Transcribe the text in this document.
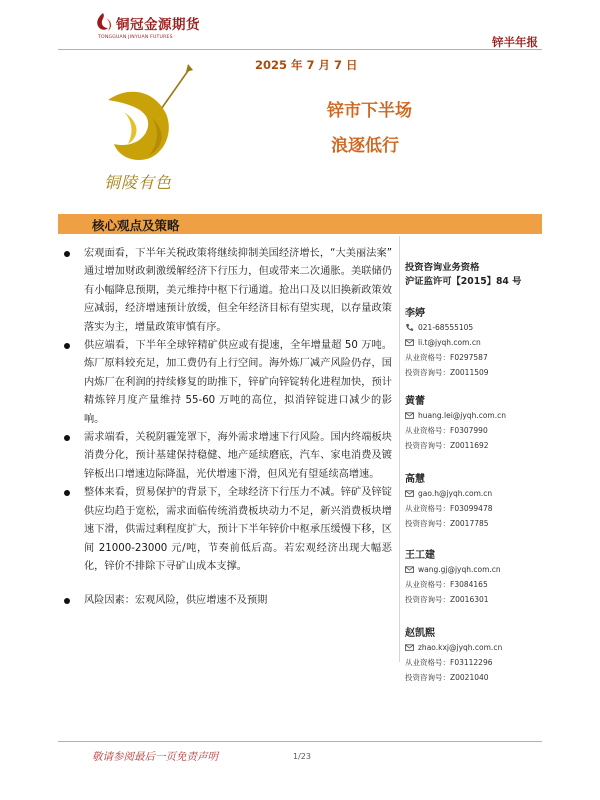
铜冠金源期货
TONGGUAN JINYUAN FUTURES	锌半年报
铜陵有色
2025 年 7 月 7 日
锌市下半场
浪逐低行
核心观点及策略

宏观面看，下半年关税政策将继续抑制美国经济增长，“大美丽法案” 通过增加财政刺激缓解经济下行压力，但或带来二次通胀。美联储仍有小幅降息预期，美元维持中枢下行通道。抢出口及以旧换新政策效应减弱，经济增速预计放缓，但全年经济目标有望实现，以存量政策落实为主，增量政策审慎有序。

供应端看，下半年全球锌精矿供应或有提速，全年增量超 50 万吨。炼厂原料较充足，加工费仍有上行空间。海外炼厂减产风险仍存，国内炼厂在利润的持续修复的助推下，锌矿向锌锭转化进程加快，预计精炼锌月度产量维持 55-60 万吨的高位，拟消锌锭进口减少的影响。

需求端看，关税阴霾笼罩下，海外需求增速下行风险。国内终端板块消费分化，预计基建保持稳健、地产延续磨底，汽车、家电消费及镀锌板出口增速边际降温，光伏增速下滑，但风光有望延续高增速。

整体来看，贸易保护的背景下，全球经济下行压力不减。锌矿及锌锭供应均趋于宽松，需求面临传统消费板块动力不足，新兴消费板块增速下滑，供需过剩程度扩大，预计下半年锌价中枢承压缓慢下移，区间 21000-23000 元/吨，节奏前低后高。若宏观经济出现大幅恶化，锌价不排除下寻矿山成本支撑。

风险因素：宏观风险，供应增速不及预期

投资咨询业务资格

沪证监许可【2015】84 号

李婷
021-68555105
li.t@jyqh.com.cn
从业资格号：F0297587
投资咨询号：Z0011509
黄蕾
huang.lei@jyqh.com.cn
从业资格号：F0307990
投资咨询号：Z0011692
高慧
gao.h@jyqh.com.cn
从业资格号：F03099478
投资咨询号：Z0017785
王工建
wang.gj@jyqh.com.cn
从业资格号：F3084165
投资咨询号：Z0016301
赵凯熙
zhao.kxj@jyqh.com.cn
从业资格号：F03112296
投资咨询号：Z0021040
敬请参阅最后一页免责声明	1/23
